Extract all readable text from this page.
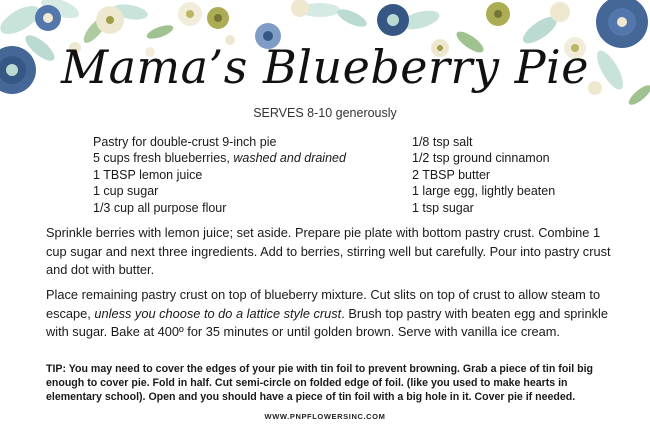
Mama’s Blueberry Pie
SERVES 8-10 generously
Pastry for double-crust 9-inch pie
5 cups fresh blueberries, washed and drained
1 TBSP lemon juice
1 cup sugar
1/3 cup all purpose flour
1/8 tsp salt
1/2 tsp ground cinnamon
2 TBSP butter
1 large egg, lightly beaten
1 tsp sugar

Sprinkle berries with lemon juice; set aside. Prepare pie plate with bottom pastry crust. Combine 1 cup sugar and next three ingredients. Add to berries, stirring well but carefully. Pour into pastry crust and dot with butter.

Place remaining pastry crust on top of blueberry mixture. Cut slits on top of crust to allow steam to escape, unless you choose to do a lattice style crust. Brush top pastry with beaten egg and sprinkle with sugar. Bake at 400º for 35 minutes or until golden brown. Serve with vanilla ice cream.

TIP: You may need to cover the edges of your pie with tin foil to prevent browning. Grab a piece of tin foil big enough to cover pie. Fold in half. Cut semi-circle on folded edge of foil. (like you used to make hearts in elementary school). Open and you should have a piece of tin foil with a big hole in it. Cover pie if needed.

WWW.PNPFLOWERSINC.COM
